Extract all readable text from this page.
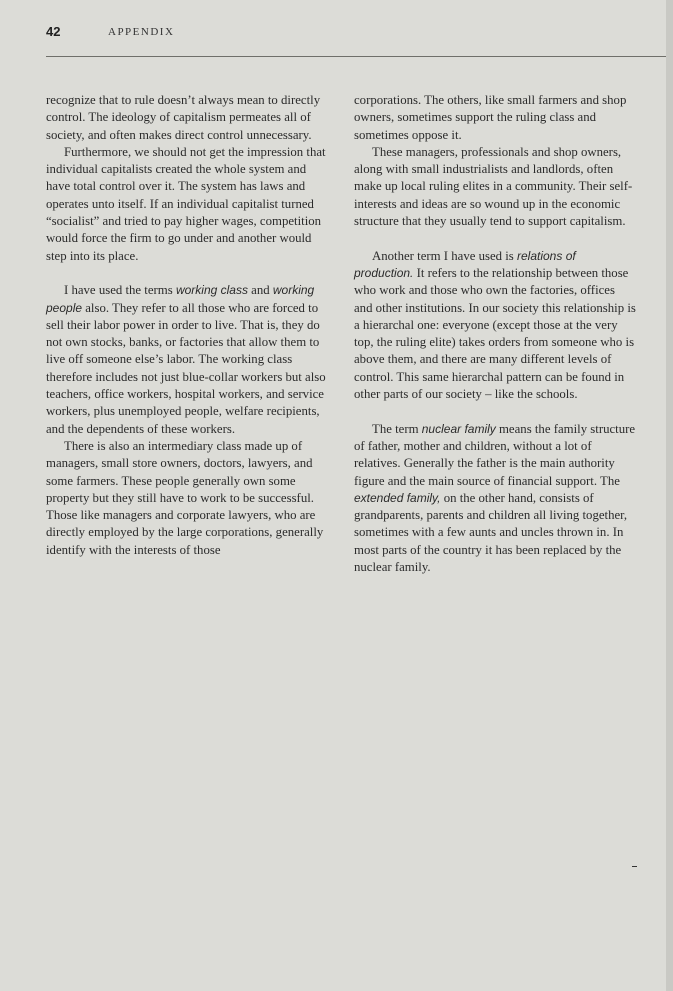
42	APPENDIX

recognize that to rule doesn’t always mean to directly control. The ideology of capitalism permeates all of society, and often makes direct control unnecessary.

Furthermore, we should not get the impression that individual capitalists created the whole system and have total control over it. The system has laws and operates unto itself. If an individual capitalist turned “socialist” and tried to pay higher wages, competition would force the firm to go under and another would step into its place.

I have used the terms working class and working people also. They refer to all those who are forced to sell their labor power in order to live. That is, they do not own stocks, banks, or factories that allow them to live off someone else’s labor. The working class therefore includes not just blue-collar workers but also teachers, office workers, hospital workers, and service workers, plus unemployed people, welfare recipients, and the dependents of these workers.

There is also an intermediary class made up of managers, small store owners, doctors, lawyers, and some farmers. These people generally own some property but they still have to work to be successful. Those like managers and corporate lawyers, who are directly employed by the large corporations, generally identify with the interests of those

corporations. The others, like small farmers and shop owners, sometimes support the ruling class and sometimes oppose it.

These managers, professionals and shop owners, along with small industrialists and landlords, often make up local ruling elites in a community. Their self-interests and ideas are so wound up in the economic structure that they usually tend to support capitalism.

Another term I have used is relations of production. It refers to the relationship between those who work and those who own the factories, offices and other institutions. In our society this relationship is a hierarchal one: everyone (except those at the very top, the ruling elite) takes orders from someone who is above them, and there are many different levels of control. This same hierarchal pattern can be found in other parts of our society – like the schools.

The term nuclear family means the family structure of father, mother and children, without a lot of relatives. Generally the father is the main authority figure and the main source of financial support. The extended family, on the other hand, consists of grandparents, parents and children all living together, sometimes with a few aunts and uncles thrown in. In most parts of the country it has been replaced by the nuclear family.
